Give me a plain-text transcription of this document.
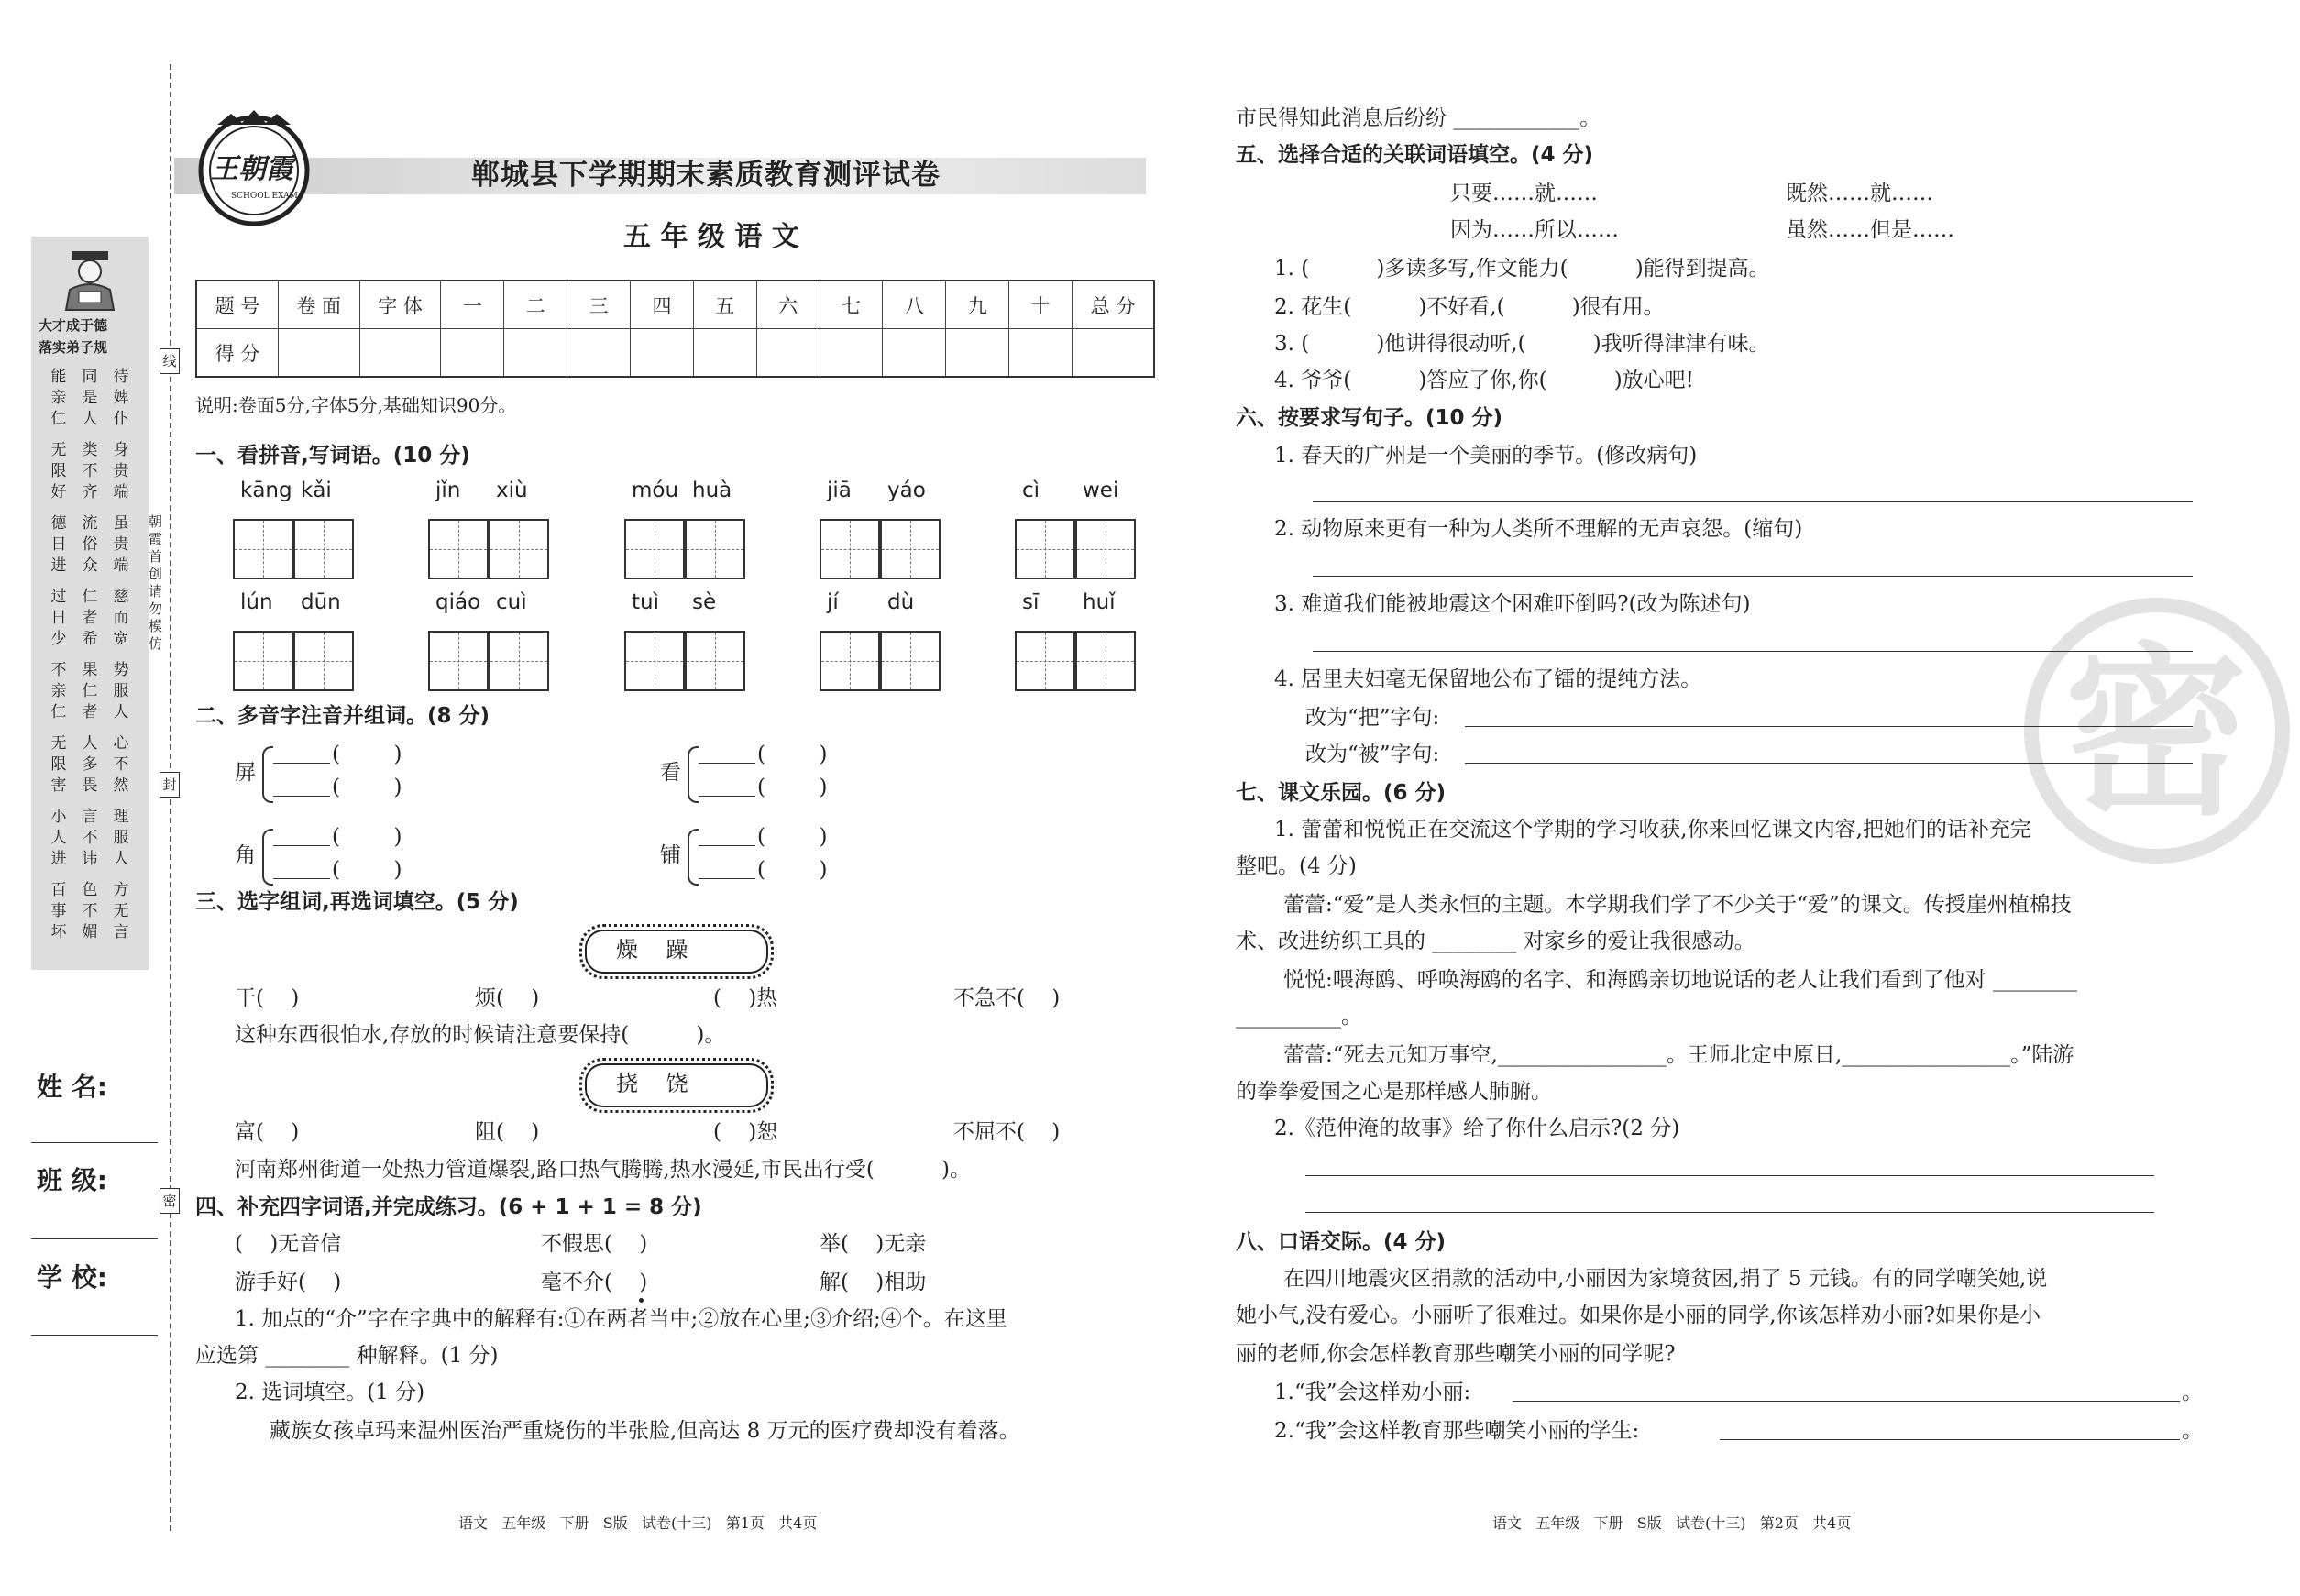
大才成于德
落实弟子规
能亲仁
同是人
待婢仆
无限好
类不齐
身贵端
德日进
流俗众
虽贵端
过日少
仁者希
慈而宽
不亲仁
果仁者
势服人
无限害
人多畏
心不然
小人进
言不讳
理服人
百事坏
色不媚
方无言
姓 名:
班 级:
学 校:
线
封
密
朝霞首创 请勿模仿
王朝霞
SCHOOL EXAM
郸城县下学期期末素质教育测评试卷
五 年 级 语 文
题 号	卷 面	字 体	一	二	三	四	五	六	七	八	九	十	总 分
得 分													
说明:卷面5分,字体5分,基础知识90分。
一、看拼音,写词语。(10 分)
kāng kǎi	jǐn xiù	móu huà	jiā yáo	cì wei
lún dūn	qiáo cuì	tuì sè	jí dù	sī huǐ
二、多音字注音并组词。(8 分)
屏
(        )
(        )
看
(        )
(        )
角
(        )
(        )
铺
(        )
(        )
三、选字组词,再选词填空。(5 分)
燥    躁
干(    )	烦(    )	(    )热	不急不(    )
这种东西很怕水,存放的时候请注意要保持(          )。
挠    饶
富(    )	阻(    )	(    )恕	不屈不(    )
河南郑州街道一处热力管道爆裂,路口热气腾腾,热水漫延,市民出行受(          )。
四、补充四字词语,并完成练习。(6 + 1 + 1 = 8 分)
(    )无音信	不假思(    )	举(    )无亲
游手好(    )	毫不介(    )	解(    )相助
1. 加点的“介”字在字典中的解释有:①在两者当中;②放在心里;③介绍;④个。在这里
应选第 ________ 种解释。(1 分)
2. 选词填空。(1 分)
藏族女孩卓玛来温州医治严重烧伤的半张脸,但高达 8 万元的医疗费却没有着落。
语文   五年级   下册   S版   试卷(十三)   第1页   共4页
密
市民得知此消息后纷纷 ____________。
五、选择合适的关联词语填空。(4 分)
只要……就……	既然……就……
因为……所以……	虽然……但是……
1. (          )多读多写,作文能力(          )能得到提高。
2. 花生(          )不好看,(          )很有用。
3. (          )他讲得很动听,(          )我听得津津有味。
4. 爷爷(          )答应了你,你(          )放心吧!
六、按要求写句子。(10 分)
1. 春天的广州是一个美丽的季节。(修改病句)
2. 动物原来更有一种为人类所不理解的无声哀怨。(缩句)
3. 难道我们能被地震这个困难吓倒吗?(改为陈述句)
4. 居里夫妇毫无保留地公布了镭的提纯方法。
改为“把”字句:
改为“被”字句:
七、课文乐园。(6 分)
1. 蕾蕾和悦悦正在交流这个学期的学习收获,你来回忆课文内容,把她们的话补充完
整吧。(4 分)
蕾蕾:“爱”是人类永恒的主题。本学期我们学了不少关于“爱”的课文。传授崖州植棉技
术、改进纺织工具的 ________ 对家乡的爱让我很感动。
悦悦:喂海鸥、呼唤海鸥的名字、和海鸥亲切地说话的老人让我们看到了他对 ________
__________。
蕾蕾:“死去元知万事空,________________。王师北定中原日,________________。”陆游
的拳拳爱国之心是那样感人肺腑。
2.《范仲淹的故事》给了你什么启示?(2 分)
八、口语交际。(4 分)
在四川地震灾区捐款的活动中,小丽因为家境贫困,捐了 5 元钱。有的同学嘲笑她,说
她小气,没有爱心。小丽听了很难过。如果你是小丽的同学,你该怎样劝小丽?如果你是小
丽的老师,你会怎样教育那些嘲笑小丽的同学呢?
1.“我”会这样劝小丽:	。
2.“我”会这样教育那些嘲笑小丽的学生:	。
语文   五年级   下册   S版   试卷(十三)   第2页   共4页
